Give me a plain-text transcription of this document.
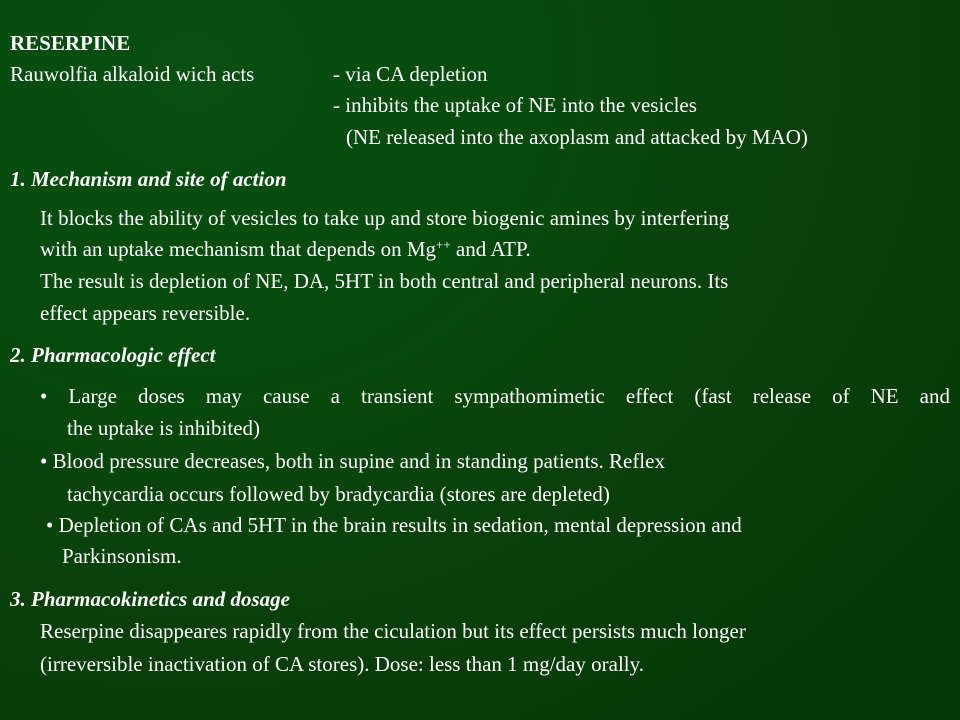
RESERPINE
Rauwolfia alkaloid wich acts	- via CA depletion
- inhibits the uptake of NE into the vesicles
(NE released into the axoplasm and attacked by MAO)
1. Mechanism and site of action
It blocks the ability of vesicles to take up and store biogenic amines by interfering
with an uptake mechanism that depends on Mg++ and ATP.
The result is depletion of NE, DA, 5HT in both central and peripheral neurons. Its
effect appears reversible.
2. Pharmacologic effect
• Large doses may cause a transient sympathomimetic effect (fast release of NE and
the uptake is inhibited)
• Blood pressure decreases, both in supine and in standing patients. Reflex
tachycardia occurs followed by bradycardia (stores are depleted)
• Depletion of CAs and 5HT in the brain results in sedation, mental depression and
Parkinsonism.
3. Pharmacokinetics and dosage
Reserpine disappeares rapidly from the ciculation but its effect persists much longer
(irreversible inactivation of CA stores). Dose: less than 1 mg/day orally.
